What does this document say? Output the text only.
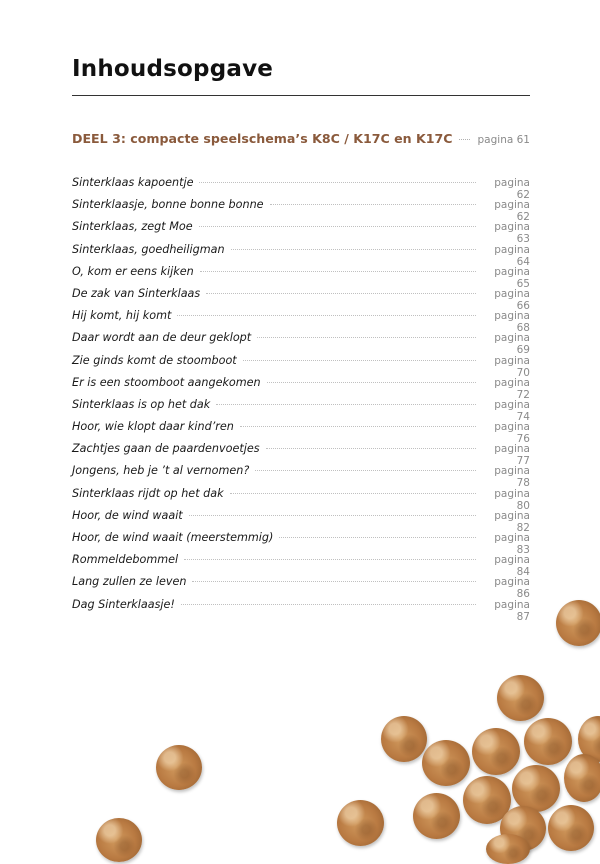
Inhoudsopgave
DEEL 3: compacte speelschema’s K8C / K17C en K17C pagina 61
Sinterklaas kapoentje	pagina 62
Sinterklaasje, bonne bonne bonne	pagina 62
Sinterklaas, zegt Moe	pagina 63
Sinterklaas, goedheiligman	pagina 64
O, kom er eens kijken	pagina 65
De zak van Sinterklaas	pagina 66
Hij komt, hij komt	pagina 68
Daar wordt aan de deur geklopt	pagina 69
Zie ginds komt de stoomboot	pagina 70
Er is een stoomboot aangekomen	pagina 72
Sinterklaas is op het dak	pagina 74
Hoor, wie klopt daar kind’ren	pagina 76
Zachtjes gaan de paardenvoetjes	pagina 77
Jongens, heb je ’t al vernomen?	pagina 78
Sinterklaas rijdt op het dak	pagina 80
Hoor, de wind waait	pagina 82
Hoor, de wind waait (meerstemmig)	pagina 83
Rommeldebommel	pagina 84
Lang zullen ze leven	pagina 86
Dag Sinterklaasje!	pagina 87
